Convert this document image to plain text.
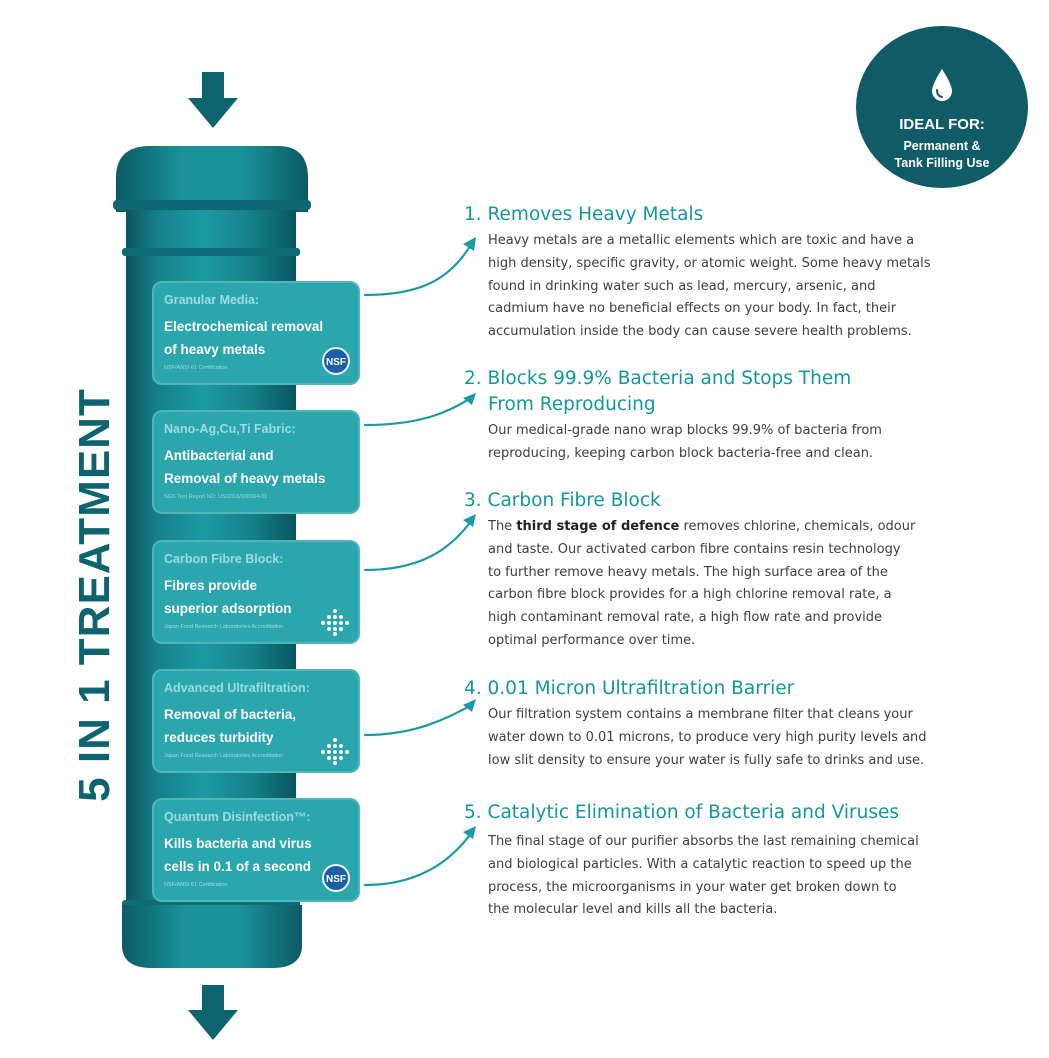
5 IN 1 TREATMENT
IDEAL FOR:
Permanent &
Tank Filling Use
Granular Media:
Electrochemical removal
of heavy metals
NSF/ANSI 61 Certification	NSF
Nano-Ag,Cu,Ti Fabric:
Antibacterial and
Removal of heavy metals
SGS Test Report NO: US/2016/900064-01
Carbon Fibre Block:
Fibres provide
superior adsorption
Japan Food Research Laboratories Accreditation
Advanced Ultrafiltration:
Removal of bacteria,
reduces turbidity
Japan Food Research Laboratories Accreditation
Quantum Disinfection™:
Kills bacteria and virus
cells in 0.1 of a second
NSF/ANSI 61 Certification	NSF
1. Removes Heavy Metals
Heavy metals are a metallic elements which are toxic and have a
high density, specific gravity, or atomic weight. Some heavy metals
found in drinking water such as lead, mercury, arsenic, and
cadmium have no beneficial effects on your body. In fact, their
accumulation inside the body can cause severe health problems.
2. Blocks 99.9% Bacteria and Stops Them
From Reproducing
Our medical-grade nano wrap blocks 99.9% of bacteria from
reproducing, keeping carbon block bacteria-free and clean.
3. Carbon Fibre Block
The third stage of defence removes chlorine, chemicals, odour
and taste. Our activated carbon fibre contains resin technology
to further remove heavy metals. The high surface area of the
carbon fibre block provides for a high chlorine removal rate, a
high contaminant removal rate, a high flow rate and provide
optimal performance over time.
4. 0.01 Micron Ultrafiltration Barrier
Our filtration system contains a membrane filter that cleans your
water down to 0.01 microns, to produce very high purity levels and
low slit density to ensure your water is fully safe to drinks and use.
5. Catalytic Elimination of Bacteria and Viruses
The final stage of our purifier absorbs the last remaining chemical
and biological particles. With a catalytic reaction to speed up the
process, the microorganisms in your water get broken down to
the molecular level and kills all the bacteria.
